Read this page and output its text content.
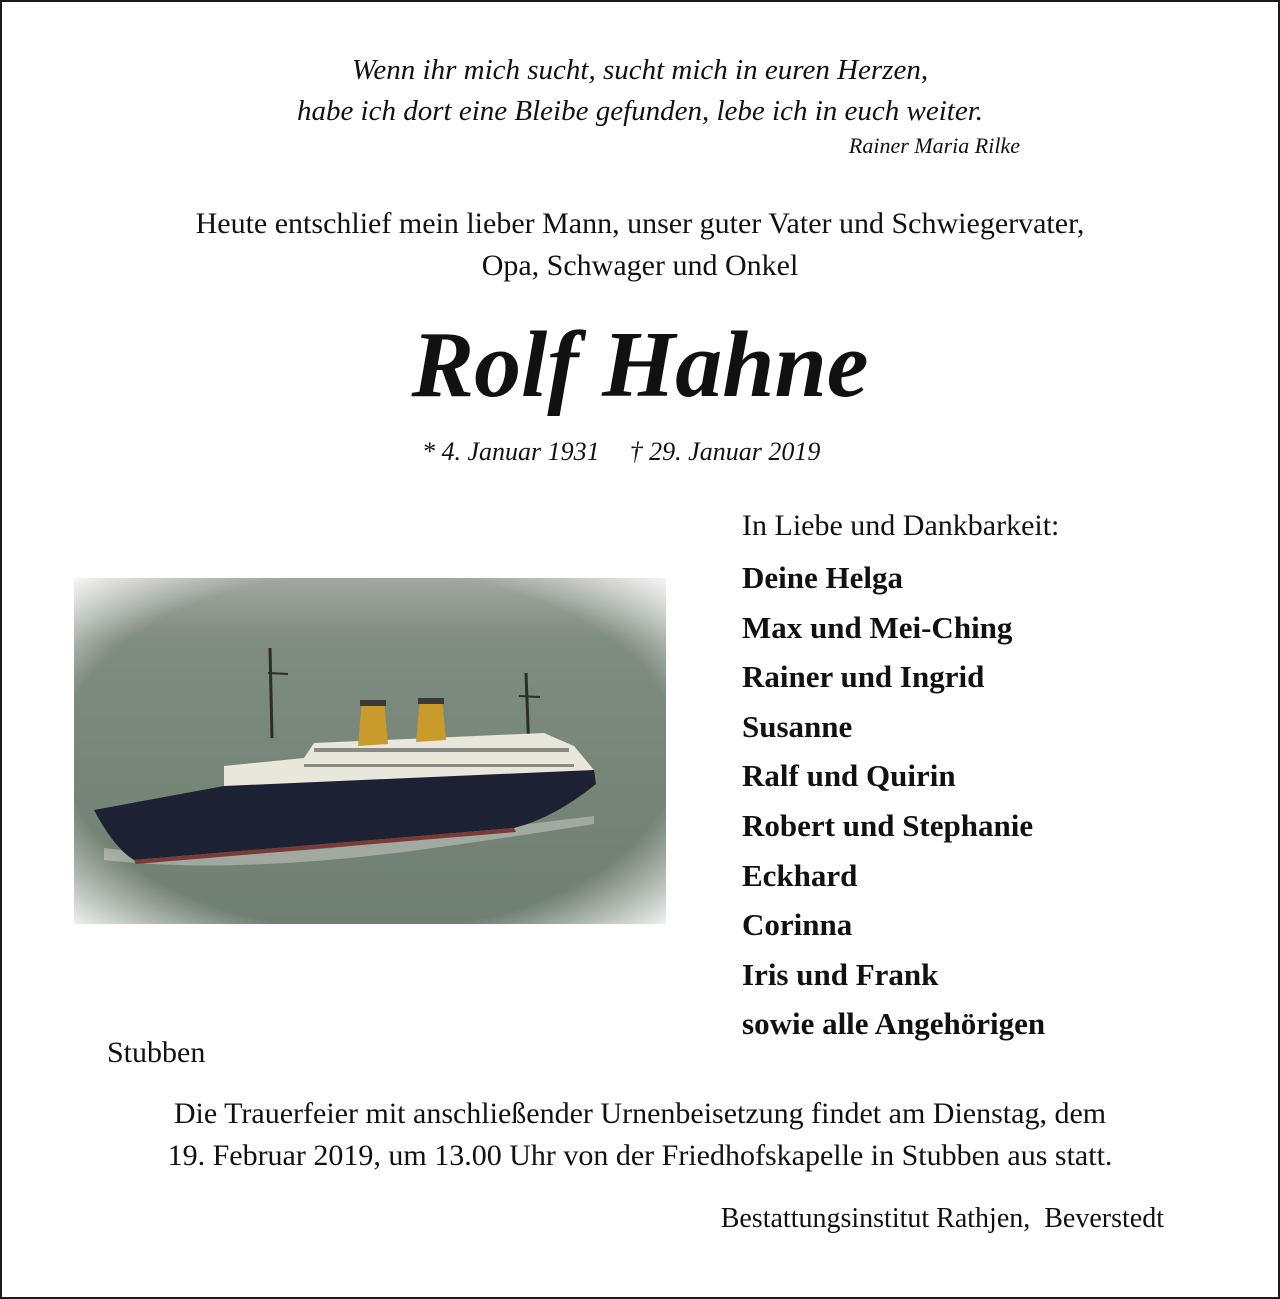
Wenn ihr mich sucht, sucht mich in euren Herzen,

habe ich dort eine Bleibe gefunden, lebe ich in euch weiter.

Rainer Maria Rilke

Heute entschlief mein lieber Mann, unser guter Vater und Schwiegervater,

Opa, Schwager und Onkel

Rolf Hahne

* 4. Januar 1931 † 29. Januar 2019

In Liebe und Dankbarkeit:

Deine Helga
Max und Mei-Ching
Rainer und Ingrid
Susanne
Ralf und Quirin
Robert und Stephanie
Eckhard
Corinna
Iris und Frank
sowie alle Angehörigen

Stubben

Die Trauerfeier mit anschließender Urnenbeisetzung findet am Dienstag, dem

19. Februar 2019, um 13.00 Uhr von der Friedhofskapelle in Stubben aus statt.

Bestattungsinstitut Rathjen, Beverstedt
